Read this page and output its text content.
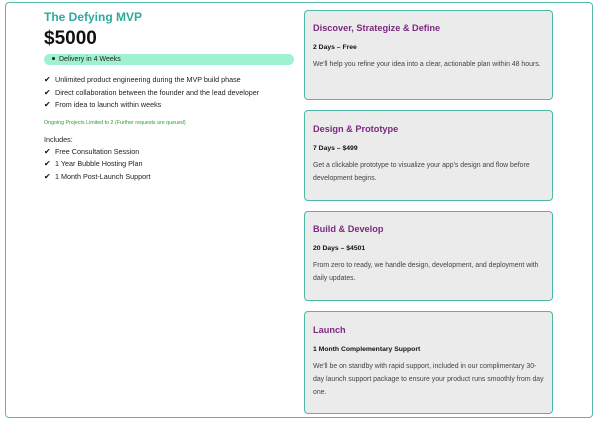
The Defying MVP
$5000
Delivery in 4 Weeks
✔ Unlimited product engineering during the MVP build phase
✔ Direct collaboration between the founder and the lead developer
✔ From idea to launch within weeks
Ongoing Projects Limited to 2 (Further requests are queued)
Includes:
✔ Free Consultation Session
✔ 1 Year Bubble Hosting Plan
✔ 1 Month Post-Launch Support
Discover, Strategize & Define
2 Days – Free
We'll help you refine your idea into a clear, actionable plan within 48 hours.
Design & Prototype
7 Days – $499
Get a clickable prototype to visualize your app's design and flow before development begins.
Build & Develop
20 Days – $4501
From zero to ready, we handle design, development, and deployment with daily updates.
Launch
1 Month Complementary Support
We'll be on standby with rapid support, included in our complimentary 30-day launch support package to ensure your product runs smoothly from day one.
